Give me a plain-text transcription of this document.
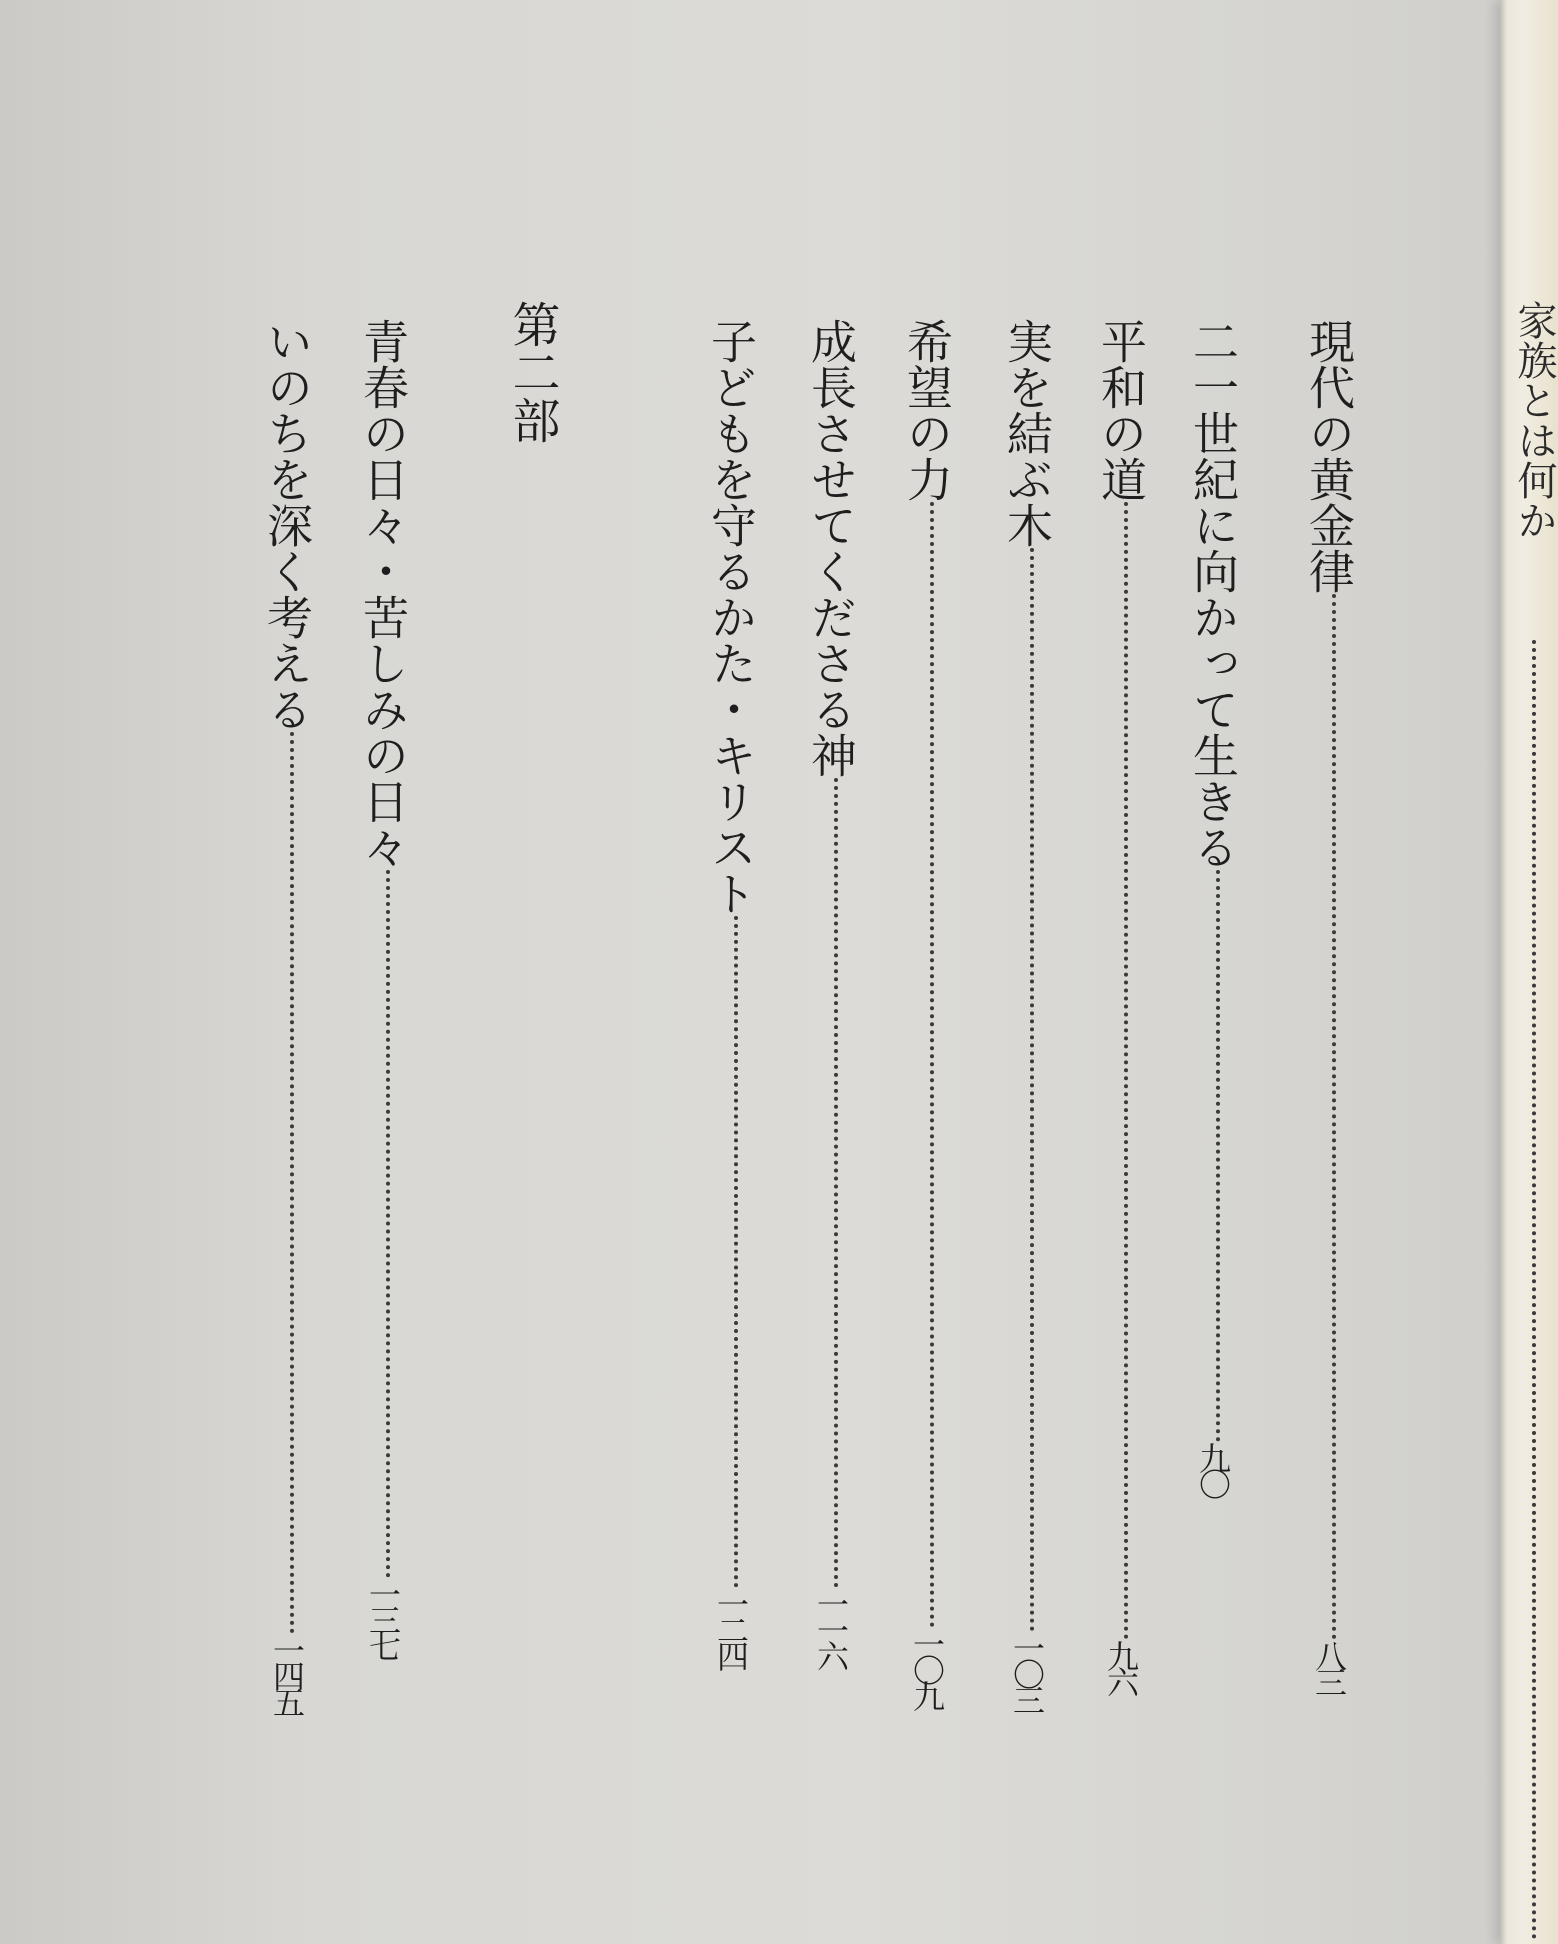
現代の黄金律八三
二一世紀に向かって生きる九〇
平和の道九六
実を結ぶ木一〇三
希望の力一〇九
成長させてくださる神一一六
子どもを守るかた・キリスト一二四
第二部
青春の日々・苦しみの日々一三七
いのちを深く考える一四五
家族とは何か
